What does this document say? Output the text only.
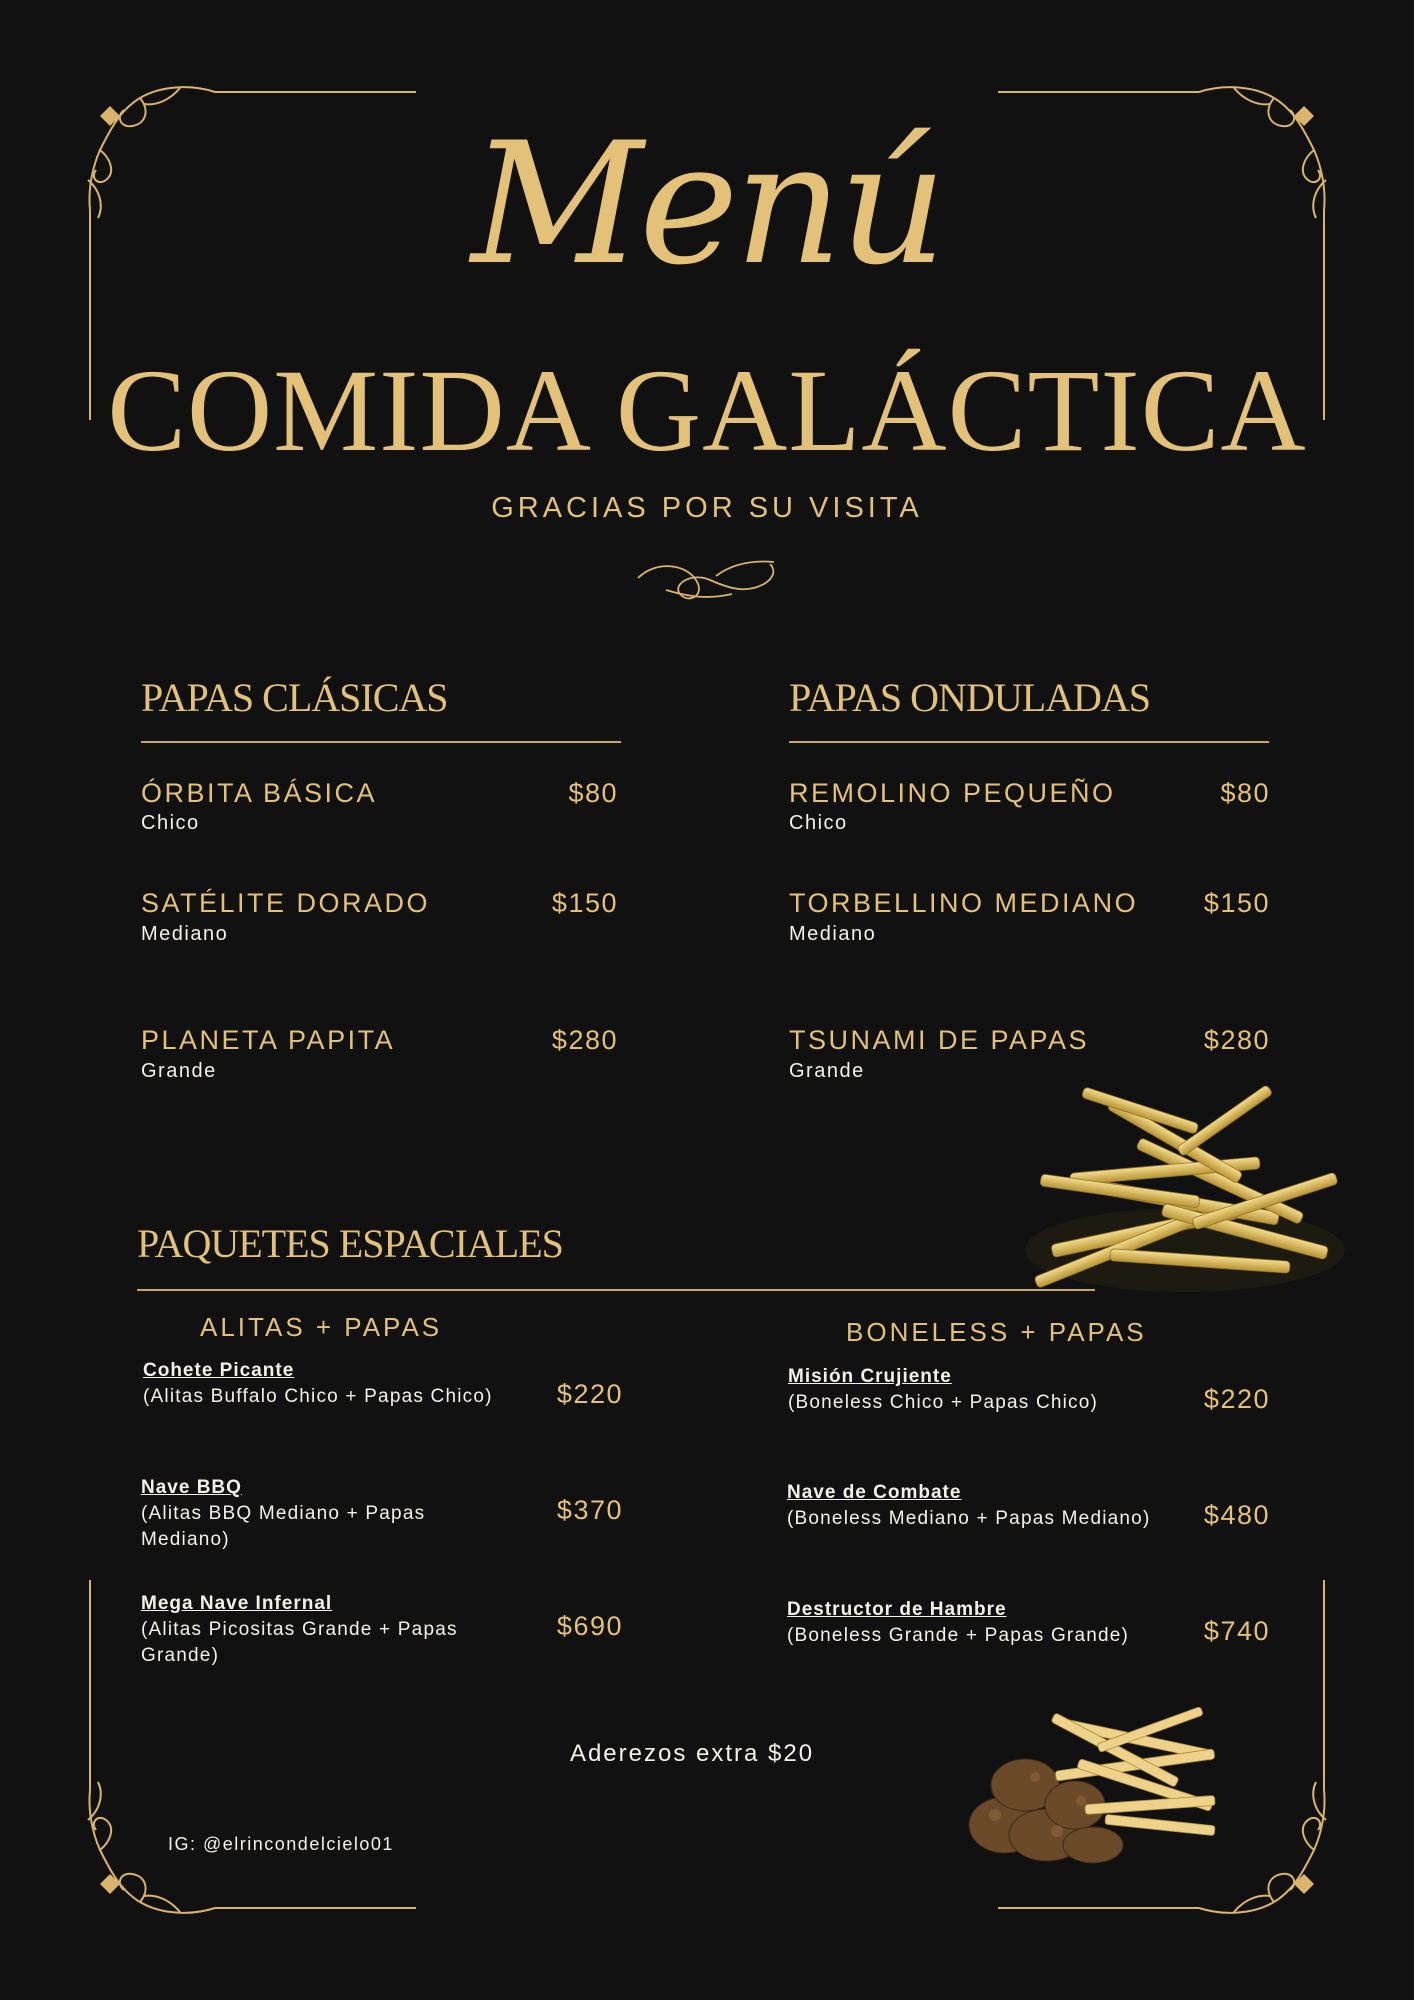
Menú
COMIDA GALÁCTICA
GRACIAS POR SU VISITA
PAPAS CLÁSICAS
ÓRBITA BÁSICA
Chico
$80
SATÉLITE DORADO
Mediano
$150
PLANETA PAPITA
Grande
$280
PAPAS ONDULADAS
REMOLINO PEQUEÑO
Chico
$80
TORBELLINO MEDIANO
Mediano
$150
TSUNAMI DE PAPAS
Grande
$280
PAQUETES ESPACIALES
ALITAS + PAPAS	BONELESS + PAPAS
Cohete Picante
(Alitas Buffalo Chico + Papas Chico)	$220
Nave BBQ
(Alitas BBQ Mediano + Papas Mediano)
$370
Mega Nave Infernal
(Alitas Picositas Grande + Papas Grande)
$690
Misión Crujiente
(Boneless Chico + Papas Chico)	$220
Nave de Combate
(Boneless Mediano + Papas Mediano)	$480
Destructor de Hambre
(Boneless Grande + Papas Grande)	$740
Aderezos extra $20
IG: @elrincondelcielo01
